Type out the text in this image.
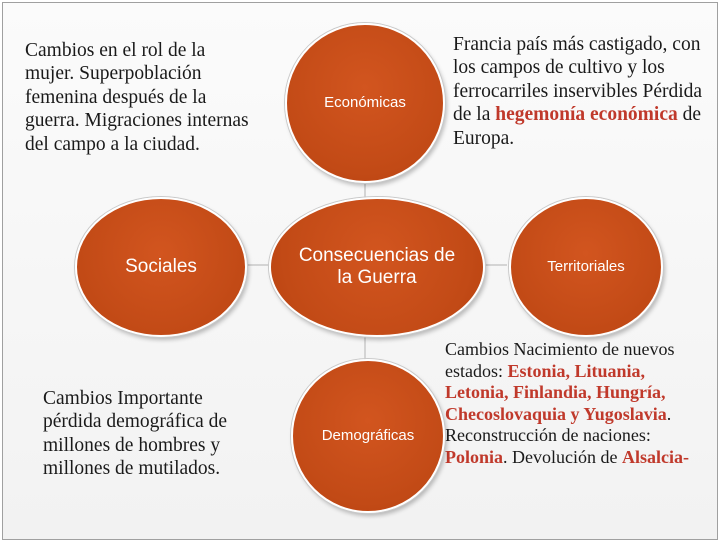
Cambios en el rol de la mujer. Superpoblación femenina después de la guerra. Migraciones internas del campo a la ciudad.
Cambios Importante pérdida demográfica de millones de hombres y millones de mutilados.
Francia país más castigado, con los campos de cultivo y los ferrocarriles inservibles Pérdida de la hegemonía económica de Europa.
Cambios Nacimiento de nuevos estados: Estonia, Lituania, Letonia, Finlandia, Hungría, Checoslovaquia y Yugoslavia. Reconstrucción de naciones: Polonia. Devolución de Alsalcia-
Económicas
Consecuencias de la Guerra
Sociales	Territoriales
Demográficas
